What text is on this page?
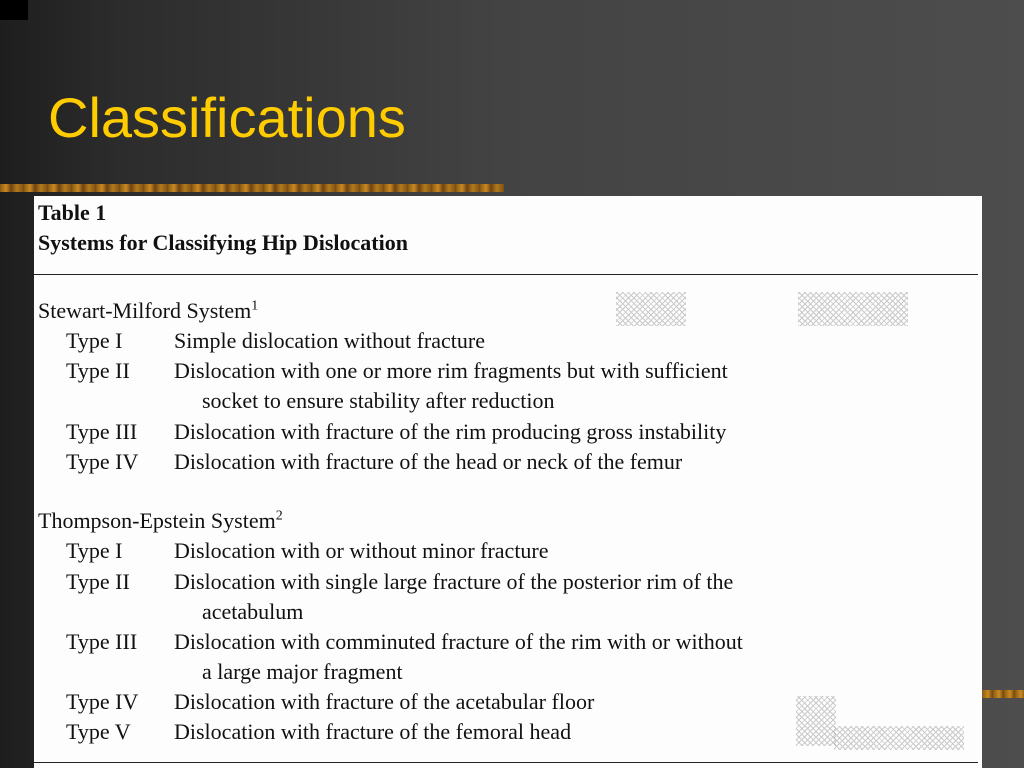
Classifications
Table 1
Systems for Classifying Hip Dislocation
Stewart-Milford System$^1$
Type I Simple dislocation without fracture
Type II Dislocation with one or more rim fragments but with sufficient
socket to ensure stability after reduction
Type III Dislocation with fracture of the rim producing gross instability
Type IV Dislocation with fracture of the head or neck of the femur
Thompson-Epstein System$^2$
Type I Dislocation with or without minor fracture
Type II Dislocation with single large fracture of the posterior rim of the
acetabulum
Type III Dislocation with comminuted fracture of the rim with or without
a large major fragment
Type IV Dislocation with fracture of the acetabular floor
Type V Dislocation with fracture of the femoral head
